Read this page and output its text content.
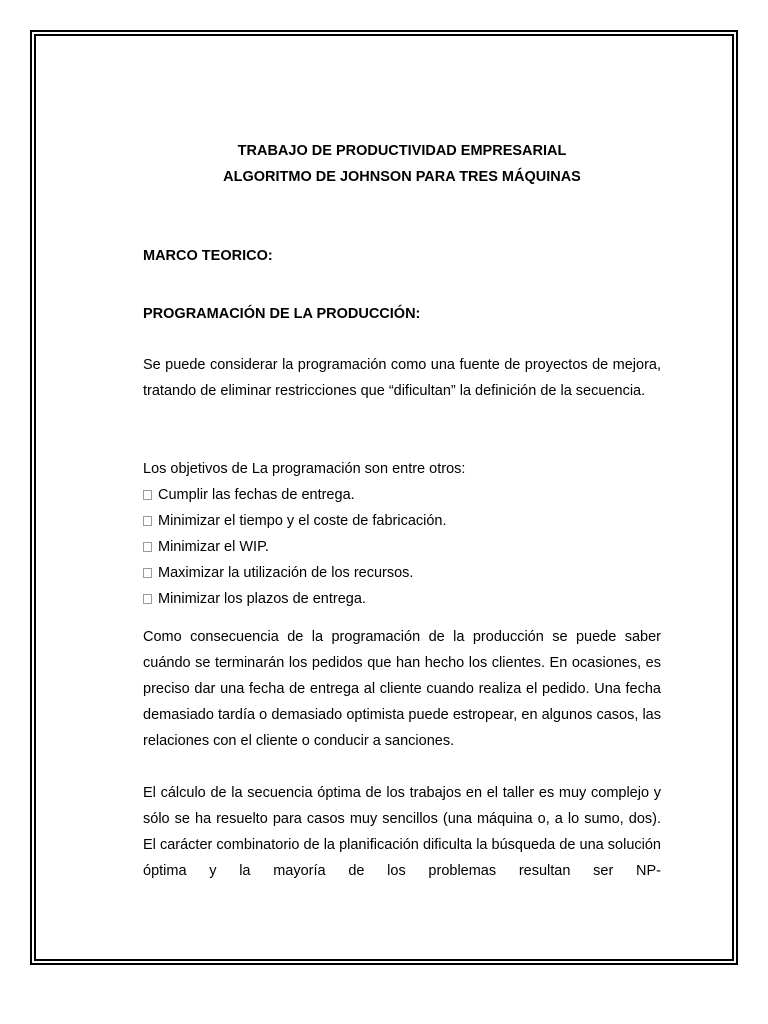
TRABAJO DE PRODUCTIVIDAD EMPRESARIAL
ALGORITMO DE JOHNSON PARA TRES MÁQUINAS
MARCO TEORICO:
PROGRAMACIÓN DE LA PRODUCCIÓN:

Se puede considerar la programación como una fuente de proyectos de mejora, tratando de eliminar restricciones que “dificultan” la definición de la secuencia.

Los objetivos de La programación son entre otros:
Cumplir las fechas de entrega.
Minimizar el tiempo y el coste de fabricación.
Minimizar el WIP.
Maximizar la utilización de los recursos.
Minimizar los plazos de entrega.

Como consecuencia de la programación de la producción se puede saber cuándo se terminarán los pedidos que han hecho los clientes. En ocasiones, es preciso dar una fecha de entrega al cliente cuando realiza el pedido. Una fecha demasiado tardía o demasiado optimista puede estropear, en algunos casos, las relaciones con el cliente o conducir a sanciones.

El cálculo de la secuencia óptima de los trabajos en el taller es muy complejo y sólo se ha resuelto para casos muy sencillos (una máquina o, a lo sumo, dos). El carácter combinatorio de la planificación dificulta la búsqueda de una solución óptima y la mayoría de los problemas resultan ser NP-
